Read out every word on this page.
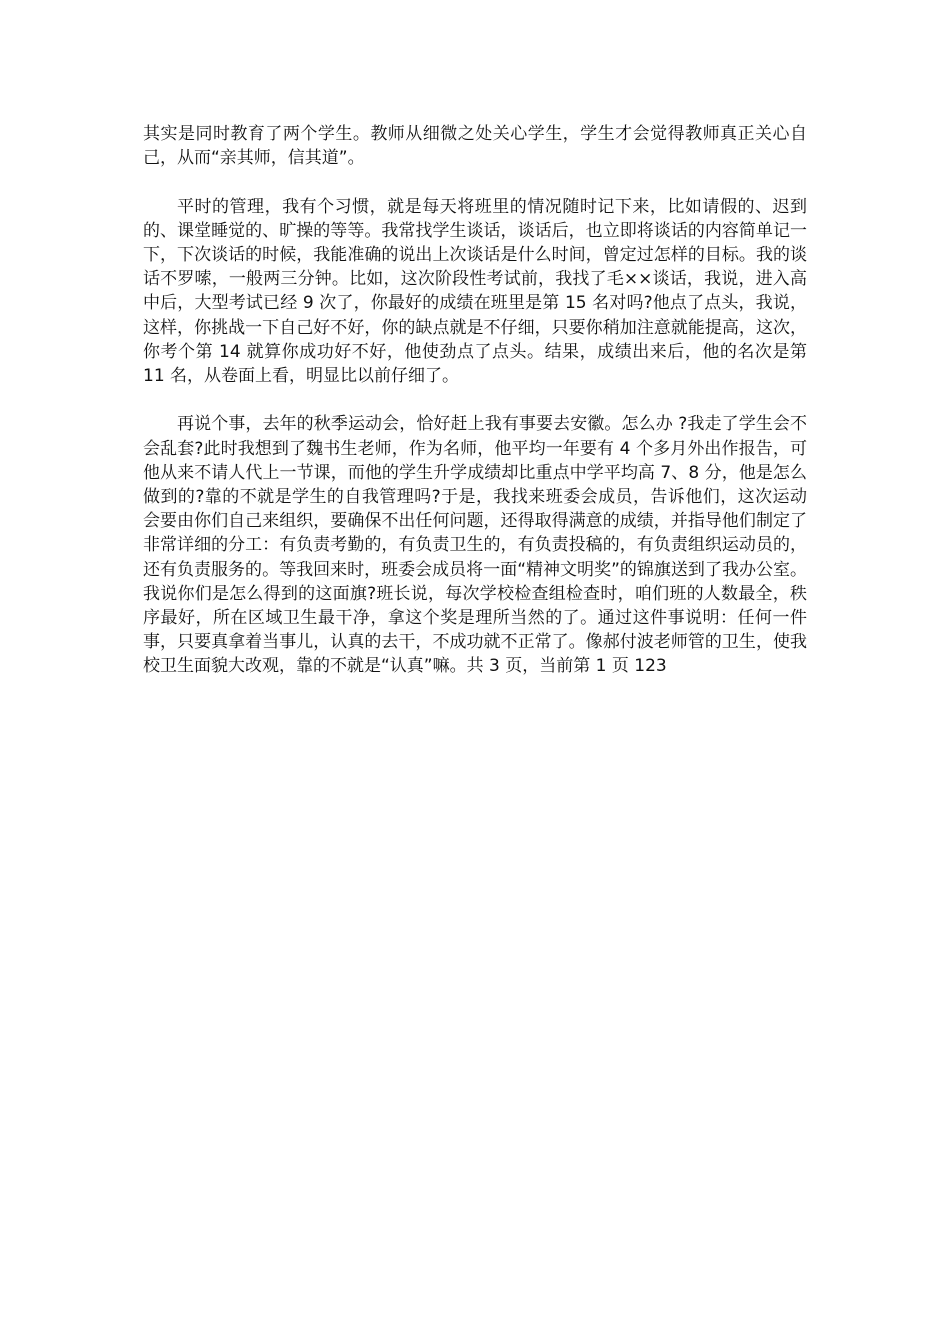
其实是同时教育了两个学生。教师从细微之处关心学生，学生才会觉得教师真正关心自己，从而“亲其师，信其道”。

平时的管理，我有个习惯，就是每天将班里的情况随时记下来，比如请假的、迟到的、课堂睡觉的、旷操的等等。我常找学生谈话，谈话后，也立即将谈话的内容简单记一下，下次谈话的时候，我能准确的说出上次谈话是什么时间，曾定过怎样的目标。我的谈话不罗嗦，一般两三分钟。比如，这次阶段性考试前，我找了毛××谈话，我说，进入高中后，大型考试已经 9 次了，你最好的成绩在班里是第 15 名对吗?他点了点头，我说，这样，你挑战一下自己好不好，你的缺点就是不仔细，只要你稍加注意就能提高，这次，你考个第 14 就算你成功好不好，他使劲点了点头。结果，成绩出来后，他的名次是第 11 名，从卷面上看，明显比以前仔细了。

再说个事，去年的秋季运动会，恰好赶上我有事要去安徽。怎么办 ?我走了学生会不会乱套?此时我想到了魏书生老师，作为名师，他平均一年要有 4 个多月外出作报告，可他从来不请人代上一节课，而他的学生升学成绩却比重点中学平均高 7、8 分，他是怎么做到的?靠的不就是学生的自我管理吗?于是，我找来班委会成员，告诉他们，这次运动会要由你们自己来组织，要确保不出任何问题，还得取得满意的成绩，并指导他们制定了非常详细的分工：有负责考勤的，有负责卫生的，有负责投稿的，有负责组织运动员的，还有负责服务的。等我回来时，班委会成员将一面“精神文明奖”的锦旗送到了我办公室。我说你们是怎么得到的这面旗?班长说，每次学校检查组检查时，咱们班的人数最全，秩序最好，所在区域卫生最干净，拿这个奖是理所当然的了。通过这件事说明：任何一件事，只要真拿着当事儿，认真的去干，不成功就不正常了。像郝付波老师管的卫生，使我校卫生面貌大改观，靠的不就是“认真”嘛。共 3 页，当前第 1 页 123
